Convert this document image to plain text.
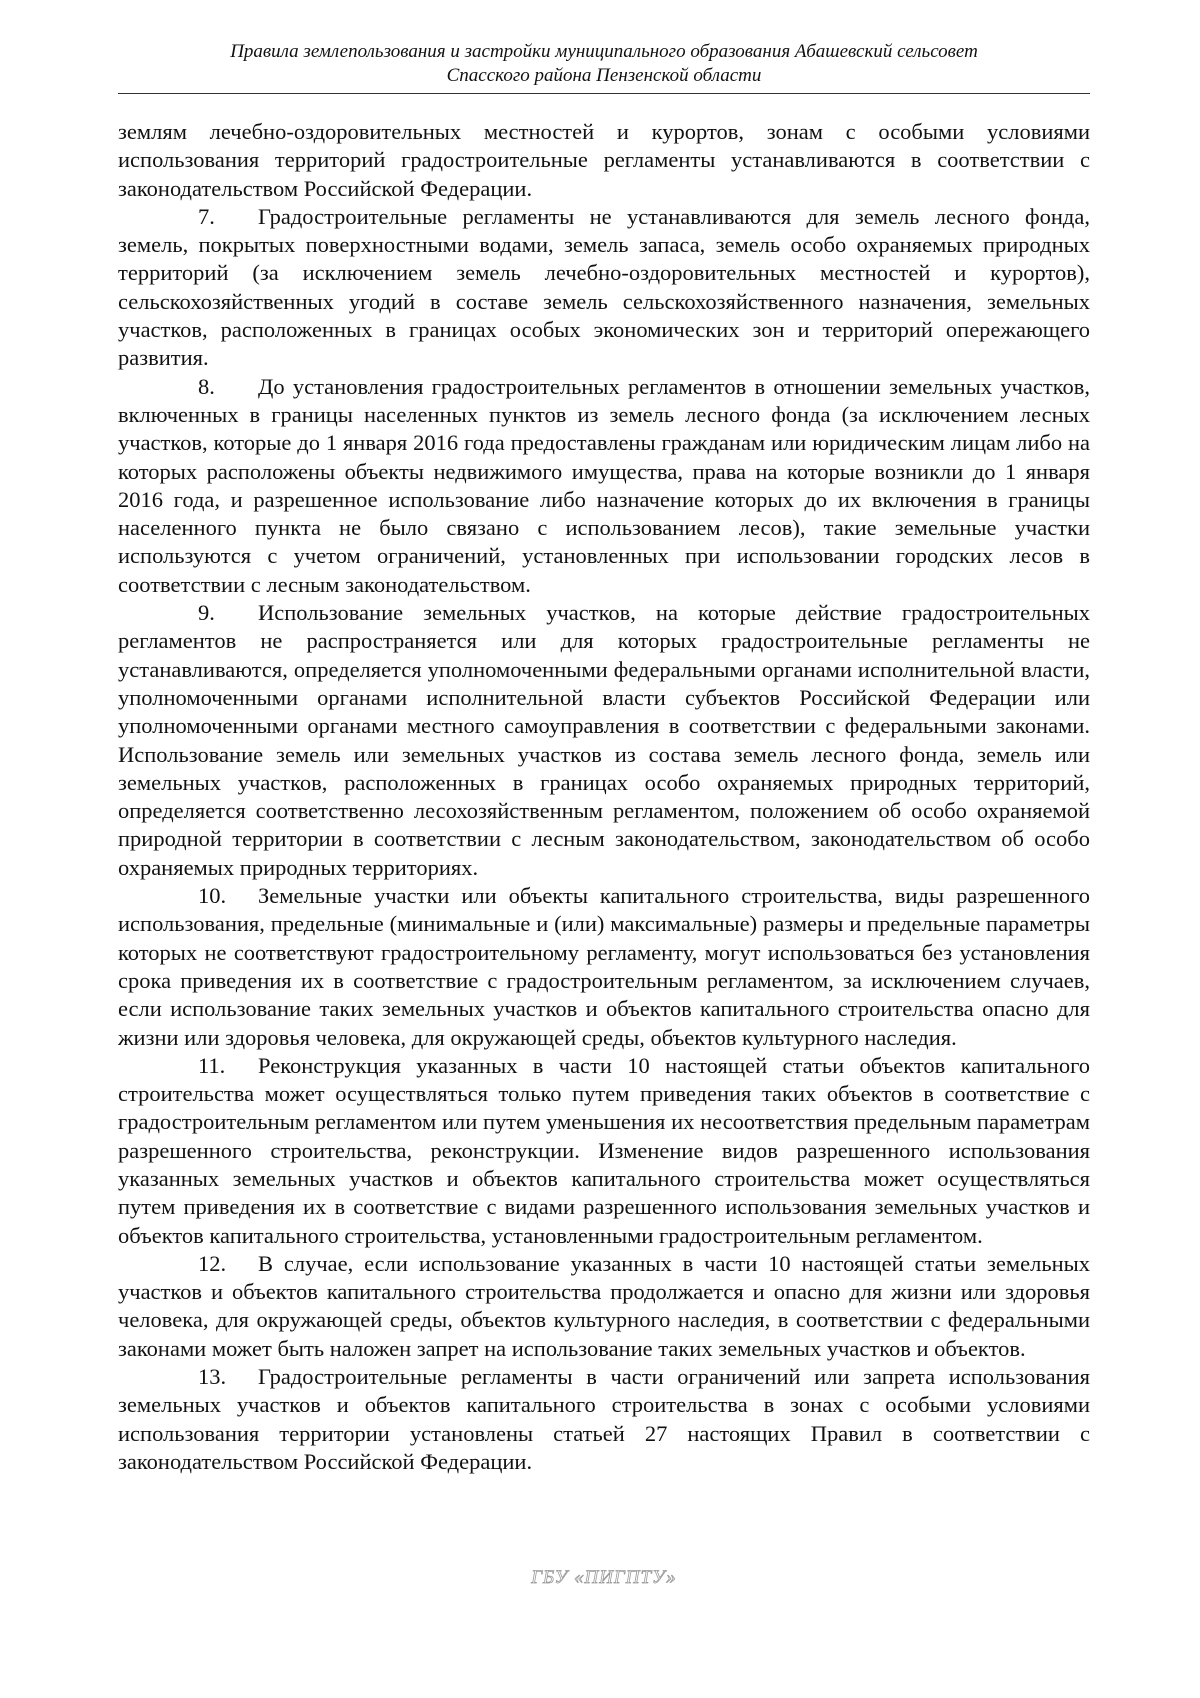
Правила землепользования и застройки муниципального образования Абашевский сельсовет
Спасского района Пензенской области

землям лечебно-оздоровительных местностей и курортов, зонам с особыми условиями использования территорий градостроительные регламенты устанавливаются в соответствии с законодательством Российской Федерации.

7. Градостроительные регламенты не устанавливаются для земель лесного фонда, земель, покрытых поверхностными водами, земель запаса, земель особо охраняемых природных территорий (за исключением земель лечебно-оздоровительных местностей и курортов), сельскохозяйственных угодий в составе земель сельскохозяйственного назначения, земельных участков, расположенных в границах особых экономических зон и территорий опережающего развития.

8. До установления градостроительных регламентов в отношении земельных участков, включенных в границы населенных пунктов из земель лесного фонда (за исключением лесных участков, которые до 1 января 2016 года предоставлены гражданам или юридическим лицам либо на которых расположены объекты недвижимого имущества, права на которые возникли до 1 января 2016 года, и разрешенное использование либо назначение которых до их включения в границы населенного пункта не было связано с использованием лесов), такие земельные участки используются с учетом ограничений, установленных при использовании городских лесов в соответствии с лесным законодательством.

9. Использование земельных участков, на которые действие градостроительных регламентов не распространяется или для которых градостроительные регламенты не устанавливаются, определяется уполномоченными федеральными органами исполнительной власти, уполномоченными органами исполнительной власти субъектов Российской Федерации или уполномоченными органами местного самоуправления в соответствии с федеральными законами. Использование земель или земельных участков из состава земель лесного фонда, земель или земельных участков, расположенных в границах особо охраняемых природных территорий, определяется соответственно лесохозяйственным регламентом, положением об особо охраняемой природной территории в соответствии с лесным законодательством, законодательством об особо охраняемых природных территориях.

10. Земельные участки или объекты капитального строительства, виды разрешенного использования, предельные (минимальные и (или) максимальные) размеры и предельные параметры которых не соответствуют градостроительному регламенту, могут использоваться без установления срока приведения их в соответствие с градостроительным регламентом, за исключением случаев, если использование таких земельных участков и объектов капитального строительства опасно для жизни или здоровья человека, для окружающей среды, объектов культурного наследия.

11. Реконструкция указанных в части 10 настоящей статьи объектов капитального строительства может осуществляться только путем приведения таких объектов в соответствие с градостроительным регламентом или путем уменьшения их несоответствия предельным параметрам разрешенного строительства, реконструкции. Изменение видов разрешенного использования указанных земельных участков и объектов капитального строительства может осуществляться путем приведения их в соответствие с видами разрешенного использования земельных участков и объектов капитального строительства, установленными градостроительным регламентом.

12. В случае, если использование указанных в части 10 настоящей статьи земельных участков и объектов капитального строительства продолжается и опасно для жизни или здоровья человека, для окружающей среды, объектов культурного наследия, в соответствии с федеральными законами может быть наложен запрет на использование таких земельных участков и объектов.

13. Градостроительные регламенты в части ограничений или запрета использования земельных участков и объектов капитального строительства в зонах с особыми условиями использования территории установлены статьей 27 настоящих Правил в соответствии с законодательством Российской Федерации.

ГБУ «ПИГПТУ»
